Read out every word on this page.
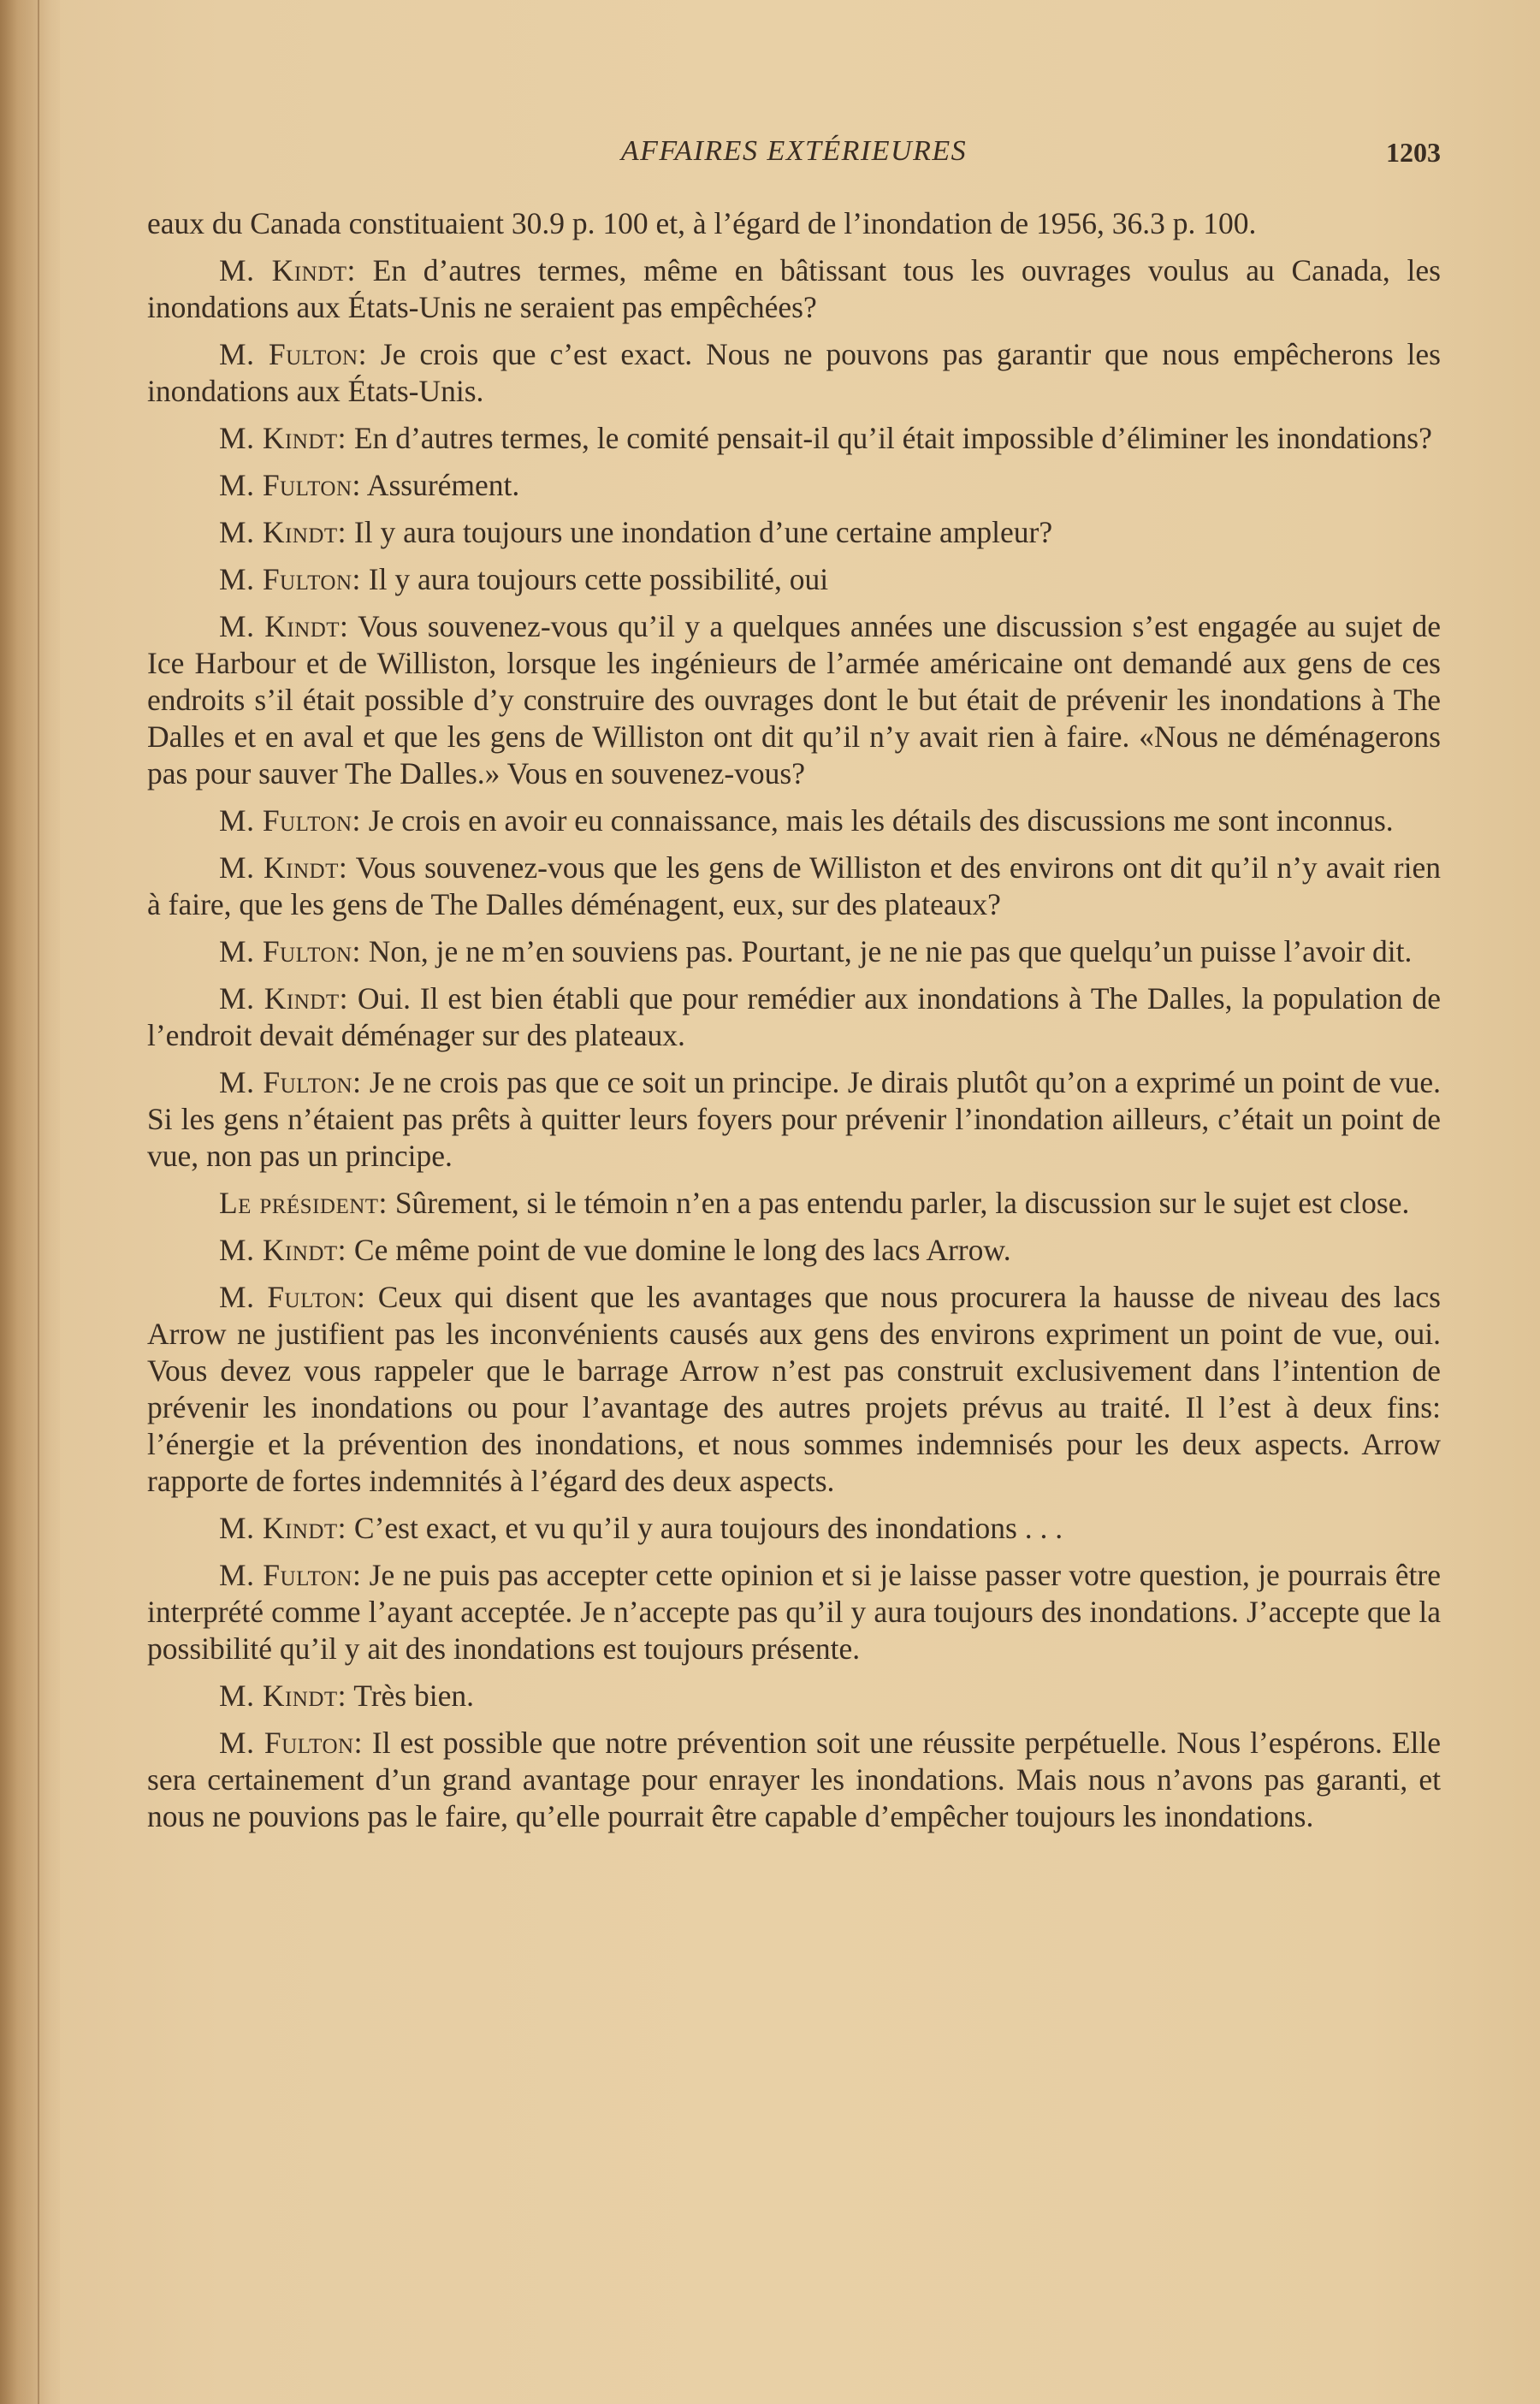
AFFAIRES EXTÉRIEURES	1203

eaux du Canada constituaient 30.9 p. 100 et, à l’égard de l’inondation de 1956, 36.3 p. 100.

M. Kindt: En d’autres termes, même en bâtissant tous les ouvrages voulus au Canada, les inondations aux États-Unis ne seraient pas empêchées?

M. Fulton: Je crois que c’est exact. Nous ne pouvons pas garantir que nous empêcherons les inondations aux États-Unis.

M. Kindt: En d’autres termes, le comité pensait-il qu’il était impossible d’éliminer les inondations?

M. Fulton: Assurément.

M. Kindt: Il y aura toujours une inondation d’une certaine ampleur?

M. Fulton: Il y aura toujours cette possibilité, oui

M. Kindt: Vous souvenez-vous qu’il y a quelques années une discussion s’est engagée au sujet de Ice Harbour et de Williston, lorsque les ingénieurs de l’armée américaine ont demandé aux gens de ces endroits s’il était possible d’y construire des ouvrages dont le but était de prévenir les inondations à The Dalles et en aval et que les gens de Williston ont dit qu’il n’y avait rien à faire. «Nous ne déménagerons pas pour sauver The Dalles.» Vous en souvenez-vous?

M. Fulton: Je crois en avoir eu connaissance, mais les détails des discussions me sont inconnus.

M. Kindt: Vous souvenez-vous que les gens de Williston et des environs ont dit qu’il n’y avait rien à faire, que les gens de The Dalles déménagent, eux, sur des plateaux?

M. Fulton: Non, je ne m’en souviens pas. Pourtant, je ne nie pas que quelqu’un puisse l’avoir dit.

M. Kindt: Oui. Il est bien établi que pour remédier aux inondations à The Dalles, la population de l’endroit devait déménager sur des plateaux.

M. Fulton: Je ne crois pas que ce soit un principe. Je dirais plutôt qu’on a exprimé un point de vue. Si les gens n’étaient pas prêts à quitter leurs foyers pour prévenir l’inondation ailleurs, c’était un point de vue, non pas un principe.

Le président: Sûrement, si le témoin n’en a pas entendu parler, la discussion sur le sujet est close.

M. Kindt: Ce même point de vue domine le long des lacs Arrow.

M. Fulton: Ceux qui disent que les avantages que nous procurera la hausse de niveau des lacs Arrow ne justifient pas les inconvénients causés aux gens des environs expriment un point de vue, oui. Vous devez vous rappeler que le barrage Arrow n’est pas construit exclusivement dans l’intention de prévenir les inondations ou pour l’avantage des autres projets prévus au traité. Il l’est à deux fins: l’énergie et la prévention des inondations, et nous sommes indemnisés pour les deux aspects. Arrow rapporte de fortes indemnités à l’égard des deux aspects.

M. Kindt: C’est exact, et vu qu’il y aura toujours des inondations . . .

M. Fulton: Je ne puis pas accepter cette opinion et si je laisse passer votre question, je pourrais être interprété comme l’ayant acceptée. Je n’accepte pas qu’il y aura toujours des inondations. J’accepte que la possibilité qu’il y ait des inondations est toujours présente.

M. Kindt: Très bien.

M. Fulton: Il est possible que notre prévention soit une réussite perpétuelle. Nous l’espérons. Elle sera certainement d’un grand avantage pour enrayer les inondations. Mais nous n’avons pas garanti, et nous ne pouvions pas le faire, qu’elle pourrait être capable d’empêcher toujours les inondations.
